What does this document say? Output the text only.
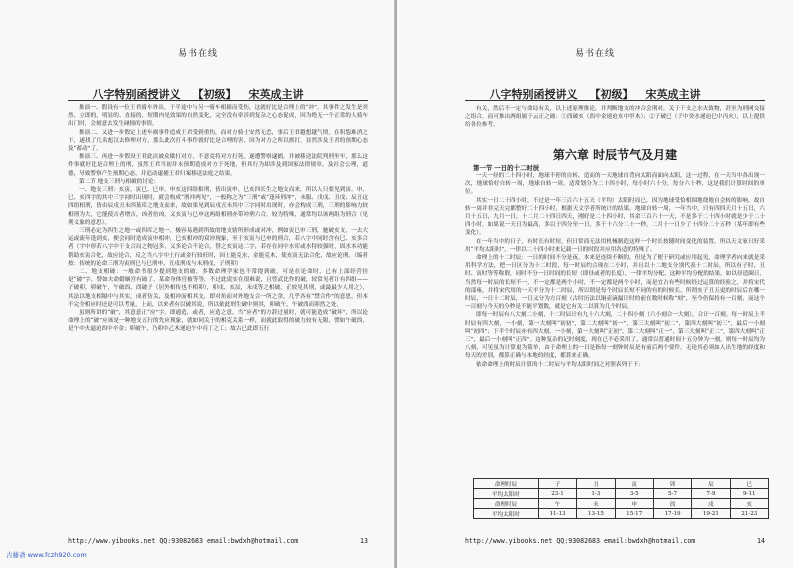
易书在线
八字特别函授讲义 【初级】 宋英成主讲

推演一、假设有一位王君骑车外出，于半途中与另一骑车相撞而受伤，这就好比是合理上的“冲”，其事件之发生是突然、立即的，明显的、直接的，短期内见效果的自然变化，完全没有牵涉到复杂之心态促成，因为绝无一个正常的人骑车出门时，会刻意去发生碰撞的事情。

推演二、又进一步假定上述车祸事件造成王君受到重伤，而对方骑士安然无恙，事后王君越想越气愤，在积怨难消之下，遂找了几名彪汉去修理对方，那么此次打斗事件就好比是合理的害，因为对方之所以挨打，显然涉及王君的预期心态及“蓄动”了。

推演三、再进一步假设王君此次被众歇打对方，不意竟将对方打死，遂遭警察逮捕，并被移送法院判刑坐牢，那么这件事就好比是合理上的刑，虽然王君当初并未预期造成对方于死地，但其行为却涉及到国家法律规章，及社会公理，道德，导致警察产生预期心态，并追动逮捕王君归案移送法庭之结果。

第二节 地支三刑与相破的讨论：

一、地支三刑：亥寅、寅巳、巳申、申亥这四组相刑，皆出寅申、巳亥四长生之地支而来，所以人只要见到寅、申、巳、亥四字的其中三字同时出现时，就会构成“刑冲两见”，一般称之为“三刑”或“逢环刑冲”，未服、戊戌、丑戌、辰丑这四组相刑，皆由辰戌丑未四墓库之地支而来，故如果见到辰戌丑未其中三字同时出现时，亦会构成三刑，三刑的影响力较相刑为大，它能使吉者增吉，凶者倍凶，又亥寅与巳申这两组相刑亦带冲刑六合，较为特殊，通常均以该两组为刑合（见刑义象的意思）。

三刑必定为四生之地一或四库之地一，极容易遇到所故的地支辖所形成或对冲，例如寅巳申三刑，驰破亥支，一去大运或流年逢到亥，便会同时造成寅申相冲，巳亥相冲的双冲现象，至于亥寅与巳申的刑合，若八字中同时含有巳、亥多合者（宇中形若八字中干支合局之物冠多，又多论合不论合，替之亥寅这二字，若存在同中水库或水特较强时，固水本功能帮助亥寅合化，故应论合，反之当八字中土行或金行较旺时，因土能克水，金能克木，使亥寅无法合化，故应论刑。（编者按：传统的论命三刑为寅刑巳与巳刑申，丑戌刑戌与未刑戌，子刑卯）

二、地支相破：一般命书很少提到地支的破，多数命理学家也不常提到破，可是在论命时，已有上部经营挂是“破”字，譬如夫命婚姻宫有破了，某命身体宫被等等，不过此说实在很难说，且曾武比作的破，较常见者计有四组——子破卯，卯破午，午破酉，酉破子（居外相传也不相卯），卯戌、亥辰，未戌等之相破，正较见其刑，或最最少人用之），其法以地支相隔中与其实，成者仿关，及相冲而相其支，即对角而对外地支合一所之余，几乎各有“禁合作”的意思，但本不完全相应时还是可以考量，上而，以来者有以破其说，所以依此刑生破中则其，卯破午，午破酉而卯然之处，

虽则所讲的“破”，其意意正“应”字，即通造，或者，应造之意，当“应者”的方辞过量时，就可能造成“破坏”，所以论命理上的“破”应该是一种地支五行的先应现象，就如同关于的相克关系一样，而就此取得的破力较有无限，譬如午破酉，是午中火逼迫酉中辛金；卯破午，乃卯中乙木递迫午中丙丁之工；故古已此即五行

http://www.yibooks.net QQ:93082683 email:bwdxh@hotmail.com	13
易书在线
八字特别函授讲义 【初级】 宋英成主讲

有关，然后不一定与命局有关，以上述原理推论，并判断地支的冲合会刑对，关于干支之水火致物，甚至为刑网交接之组合，而可推出两组属于云正之破：①酉破亥（酉中金递迫亥中甲木）；②子破巳（子中癸水递迫巳中丙火），以上提供给各位参考。

第六章 时辰节气及月建
第一节 一日的十二时辰

一天一昼的二十四小时，地球不停的自转，造而的一天地球自背向太阳而面向太阳，这一过程，在一天当中各出现一次，地球恰好自转一周，地球自转一周，适常划分为二十四小时，每小时六十分，每分六十秒，这是我们计算时间的单位。

其实一日二十四小时，不过是一年三百六十五天（平均）太阳时而已，因为地球受恰相围地绕地自会转的影响，故自转一周并非完天完都整好二十四小时，根据天文学者所统计的结果，地球自转一周，一年当中，只有四四天月十五日，六月十五日，九月一日，十二月二十四日四天，刚好是二十四小时，其余三百六十一天，不是多于二十四小时就是少于二十四小时，如果说一天日为最高，多以于四分至一日，多于十六分二十一秒，二月十一日少了十四分二十五秒（某年即有些变化）。

在一年当中的日子，有时长有时短，但日常商无法用机械制造这样一个时长按随时间变化的装置，所以天文家只好采用“平均太阳时”，一律以二十四小时来记载一日的时段并应用各适的特殊了。

命理上的十二时辰：一日的时间不分是夜，本来是连续不断的，但是为了便于研究或应用起见，命理学者向来就是采用科学方法，把一日区分为十二时段，每一时辰约合现在二小时，并且以十二地支分别代表十二时辰，所以有子时，丑时、寅时等等称谓，同时不分一日时间的长短（即昼或者的长度），一律平均分配，这种平均分配的结果，如以昼造圈日，当然每一时辰的长短不一，不一定都是两个小时，不一定都是两个小时，而是宜占有些时候经过运算的经验之，并将宋代的邵雍，并将宋代用的一天平分为十二时辰，所以谓是每个时辰长短不同的有的时候长，所谓亥子丑五更的时辰后在哪一时辰，一日十二时辰，一日又分为方百刻（古时历法以铜壶滴漏计时的前在数时候称“刻”，至今仍保持有一百刻，而这个一百刻与今天的分秒是不能平划数，就是它有关二以算为几个时辰。

即每一时辰有八大刻二小刻，十二时辰计有九十六大刻，二十四小刻（六小刻合一大刻），合计一百刻。每一时辰上半时辰有四大刻，一小刻，第一大刻叫“初初”，第二大刻叫“初一”，第三大刻叫“初二”，第四大刻叫“初三”，最后一小刻叫“初四”；下半个时辰亦有四大刻，一小刻，第一大刻叫“正初”，第二大刻叫“正一”，第三大刻叫“正二”，第四大刻叫“正三”，最后一小刻叫“正四”。这种复杂的记时刻度，现在已不必采用了，通常以普通时间十五分钟为一刻，则每一时辰均为八刻，可见虽为计算更为简单，由于命理上的一日是指每一刻钟时辰是有前后两个要件，无论其必须如人出生地的经度和每天的差别，都算正确与本地的经度，都算来正确。

依命命理上的时辰计算的十二时辰与平均太阳时间之对照表列于下：

命理时辰	子	丑	寅	卯	辰	巳
平均太阳时	23-1	1-3	3-5	5-7	7-9	9-11
命理时辰	午	未	申	酉	戌	亥
平均太阳时	11-13	13-15	15-17	17-19	19-21	21-23
http://www.yibooks.net QQ:93082683 email:bwdxh@hotmail.com	14
古藤斋 www.fczh920.com
